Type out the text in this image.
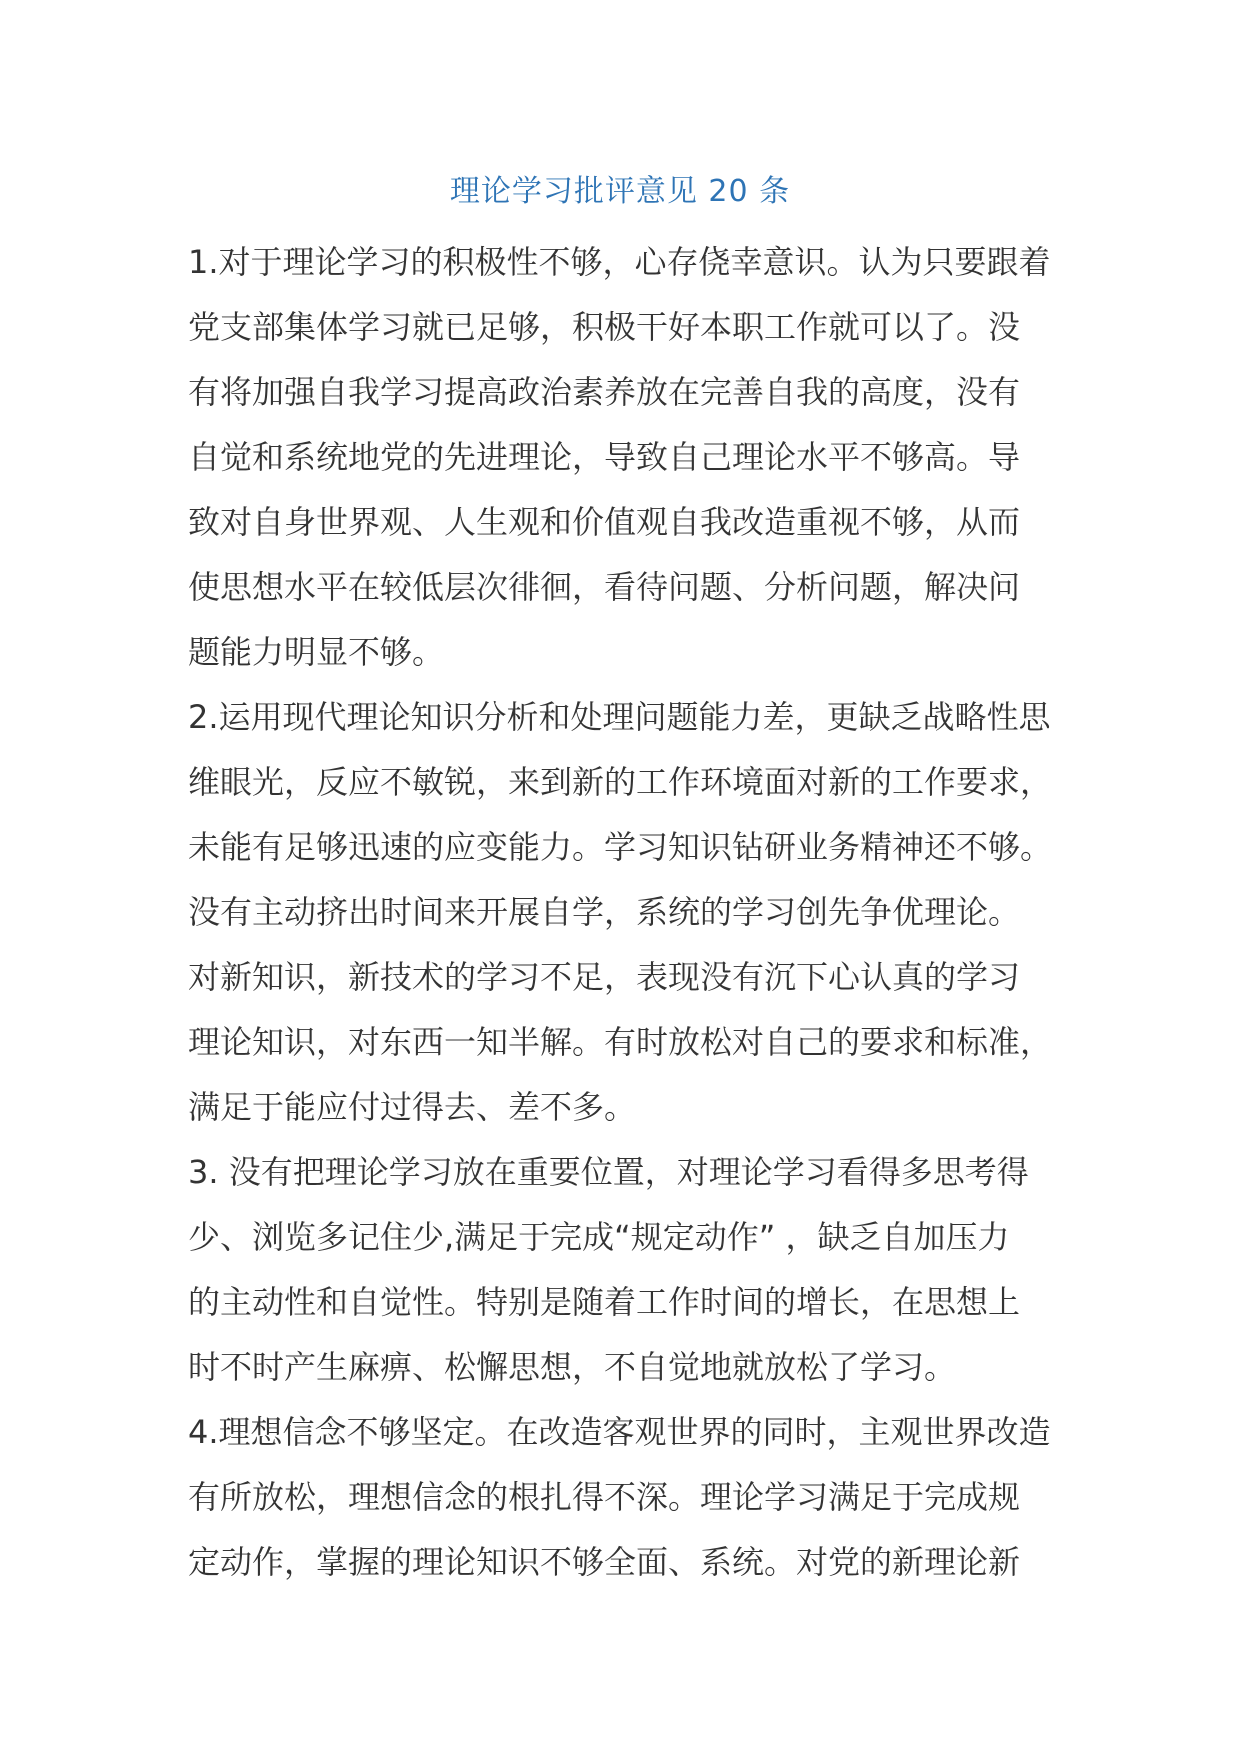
理论学习批评意见 20 条
1.对于理论学习的积极性不够，心存侥幸意识。认为只要跟着
党支部集体学习就已足够，积极干好本职工作就可以了。没
有将加强自我学习提高政治素养放在完善自我的高度，没有
自觉和系统地党的先进理论，导致自己理论水平不够高。导
致对自身世界观、人生观和价值观自我改造重视不够，从而
使思想水平在较低层次徘徊，看待问题、分析问题，解决问
题能力明显不够。
2.运用现代理论知识分析和处理问题能力差，更缺乏战略性思
维眼光，反应不敏锐，来到新的工作环境面对新的工作要求，
未能有足够迅速的应变能力。学习知识钻研业务精神还不够。
没有主动挤出时间来开展自学，系统的学习创先争优理论。
对新知识，新技术的学习不足，表现没有沉下心认真的学习
理论知识，对东西一知半解。有时放松对自己的要求和标准，
满足于能应付过得去、差不多。
3. 没有把理论学习放在重要位置，对理论学习看得多思考得
少、浏览多记住少,满足于完成“规定动作” ，缺乏自加压力
的主动性和自觉性。特别是随着工作时间的增长，在思想上
时不时产生麻痹、松懈思想，不自觉地就放松了学习。
4.理想信念不够坚定。在改造客观世界的同时，主观世界改造
有所放松，理想信念的根扎得不深。理论学习满足于完成规
定动作，掌握的理论知识不够全面、系统。对党的新理论新
